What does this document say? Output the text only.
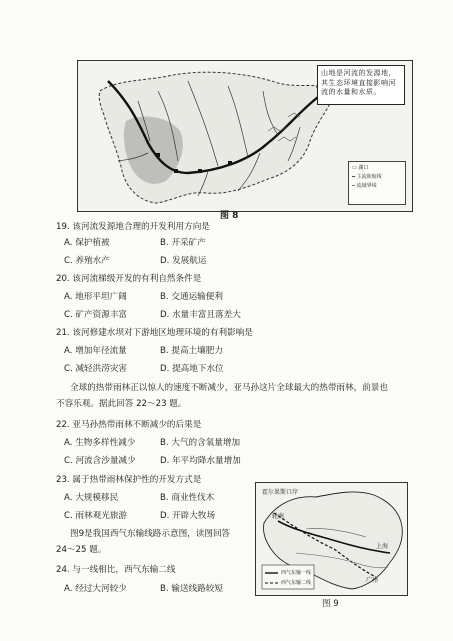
山地是河流的发源地，其生态环境直接影响河流的水量和水质。
▭ 湖口
━ 主流和航线
┅ 流域界线
图 8
19. 该河流发源地合理的开发利用方向是
A. 保护植被	B. 开采矿产
C. 养殖水产	D. 发展航运
20. 该河流梯级开发的有利自然条件是
A. 地形平坦广阔	B. 交通运输便利
C. 矿产资源丰富	D. 水量丰富且落差大
21. 该河修建水坝对下游地区地理环境的有利影响是
A. 增加年径流量	B. 提高土壤肥力
C. 减轻洪涝灾害	D. 提高地下水位
全球的热带雨林正以惊人的速度不断减少，亚马孙这片全球最大的热带雨林，前景也
不容乐观。据此回答 22～23 题。
22. 亚马孙热带雨林不断减少的后果是
A. 生物多样性减少	B. 大气的含氧量增加
C. 河流含沙量减少	D. 年平均降水量增加
23. 属于热带雨林保护性的开发方式是
A. 大规模移民	B. 商业性伐木
C. 雨林观光旅游	D. 开辟大牧场
图9是我国西气东输线路示意图，读图回答
24～25 题。
24. 与一线相比，西气东输二线
A. 经过大河较少	B. 输送线路较短
霍尔果斯口岸
轮南
上海
广州
西气东输一线
西气东输二线
图 9
